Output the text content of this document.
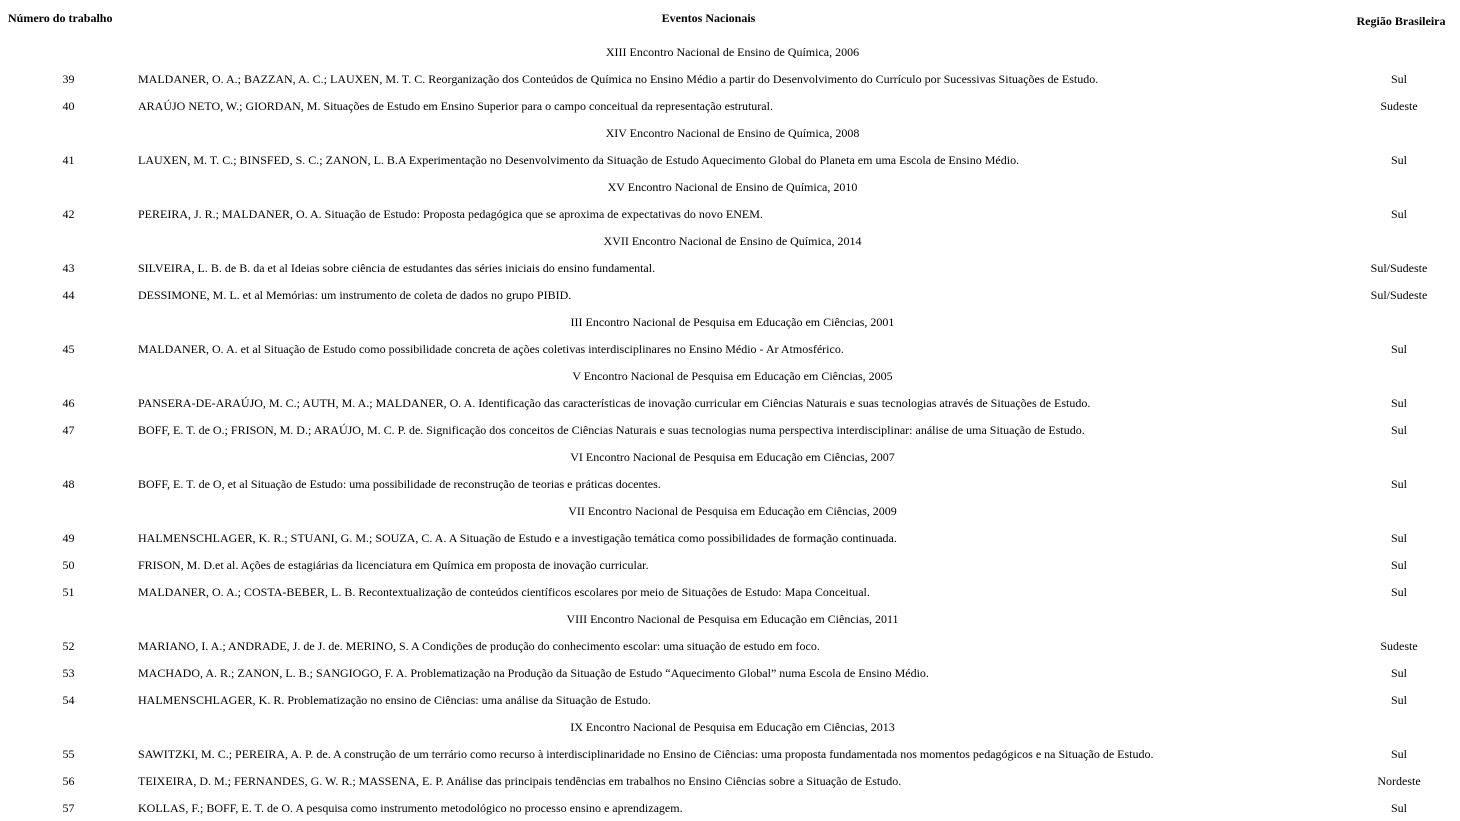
Número do trabalho	Eventos Nacionais	Região Brasileira
	XIII Encontro Nacional de Ensino de Química, 2006	
39	MALDANER, O. A.; BAZZAN, A. C.; LAUXEN, M. T. C. Reorganização dos Conteúdos de Química no Ensino Médio a partir do Desenvolvimento do Currículo por Sucessivas Situações de Estudo.	Sul
40	ARAÚJO NETO, W.; GIORDAN, M. Situações de Estudo em Ensino Superior para o campo conceitual da representação estrutural.	Sudeste
	XIV Encontro Nacional de Ensino de Química, 2008	
41	LAUXEN, M. T. C.; BINSFED, S. C.; ZANON, L. B.A Experimentação no Desenvolvimento da Situação de Estudo Aquecimento Global do Planeta em uma Escola de Ensino Médio.	Sul
	XV Encontro Nacional de Ensino de Química, 2010	
42	PEREIRA, J. R.; MALDANER, O. A. Situação de Estudo: Proposta pedagógica que se aproxima de expectativas do novo ENEM.	Sul
	XVII Encontro Nacional de Ensino de Química, 2014	
43	SILVEIRA, L. B. de B. da et al Ideias sobre ciência de estudantes das séries iniciais do ensino fundamental.	Sul/Sudeste
44	DESSIMONE, M. L. et al Memórias: um instrumento de coleta de dados no grupo PIBID.	Sul/Sudeste
	III Encontro Nacional de Pesquisa em Educação em Ciências, 2001	
45	MALDANER, O. A. et al Situação de Estudo como possibilidade concreta de ações coletivas interdisciplinares no Ensino Médio - Ar Atmosférico.	Sul
	V Encontro Nacional de Pesquisa em Educação em Ciências, 2005	
46	PANSERA-DE-ARAÚJO, M. C.; AUTH, M. A.; MALDANER, O. A. Identificação das características de inovação curricular em Ciências Naturais e suas tecnologias através de Situações de Estudo.	Sul
47	BOFF, E. T. de O.; FRISON, M. D.; ARAÚJO, M. C. P. de. Significação dos conceitos de Ciências Naturais e suas tecnologias numa perspectiva interdisciplinar: análise de uma Situação de Estudo.	Sul
	VI Encontro Nacional de Pesquisa em Educação em Ciências, 2007	
48	BOFF, E. T. de O, et al Situação de Estudo: uma possibilidade de reconstrução de teorias e práticas docentes.	Sul
	VII Encontro Nacional de Pesquisa em Educação em Ciências, 2009	
49	HALMENSCHLAGER, K. R.; STUANI, G. M.; SOUZA, C. A. A Situação de Estudo e a investigação temática como possibilidades de formação continuada.	Sul
50	FRISON, M. D.et al. Ações de estagiárias da licenciatura em Química em proposta de inovação curricular.	Sul
51	MALDANER, O. A.; COSTA-BEBER, L. B. Recontextualização de conteúdos científicos escolares por meio de Situações de Estudo: Mapa Conceitual.	Sul
	VIII Encontro Nacional de Pesquisa em Educação em Ciências, 2011	
52	MARIANO, I. A.; ANDRADE, J. de J. de. MERINO, S. A Condições de produção do conhecimento escolar: uma situação de estudo em foco.	Sudeste
53	MACHADO, A. R.; ZANON, L. B.; SANGIOGO, F. A. Problematização na Produção da Situação de Estudo “Aquecimento Global” numa Escola de Ensino Médio.	Sul
54	HALMENSCHLAGER, K. R. Problematização no ensino de Ciências: uma análise da Situação de Estudo.	Sul
	IX Encontro Nacional de Pesquisa em Educação em Ciências, 2013	
55	SAWITZKI, M. C.; PEREIRA, A. P. de. A construção de um terrário como recurso à interdisciplinaridade no Ensino de Ciências: uma proposta fundamentada nos momentos pedagógicos e na Situação de Estudo.	Sul
56	TEIXEIRA, D. M.; FERNANDES, G. W. R.; MASSENA, E. P. Análise das principais tendências em trabalhos no Ensino Ciências sobre a Situação de Estudo.	Nordeste
57	KOLLAS, F.; BOFF, E. T. de O. A pesquisa como instrumento metodológico no processo ensino e aprendizagem.	Sul
